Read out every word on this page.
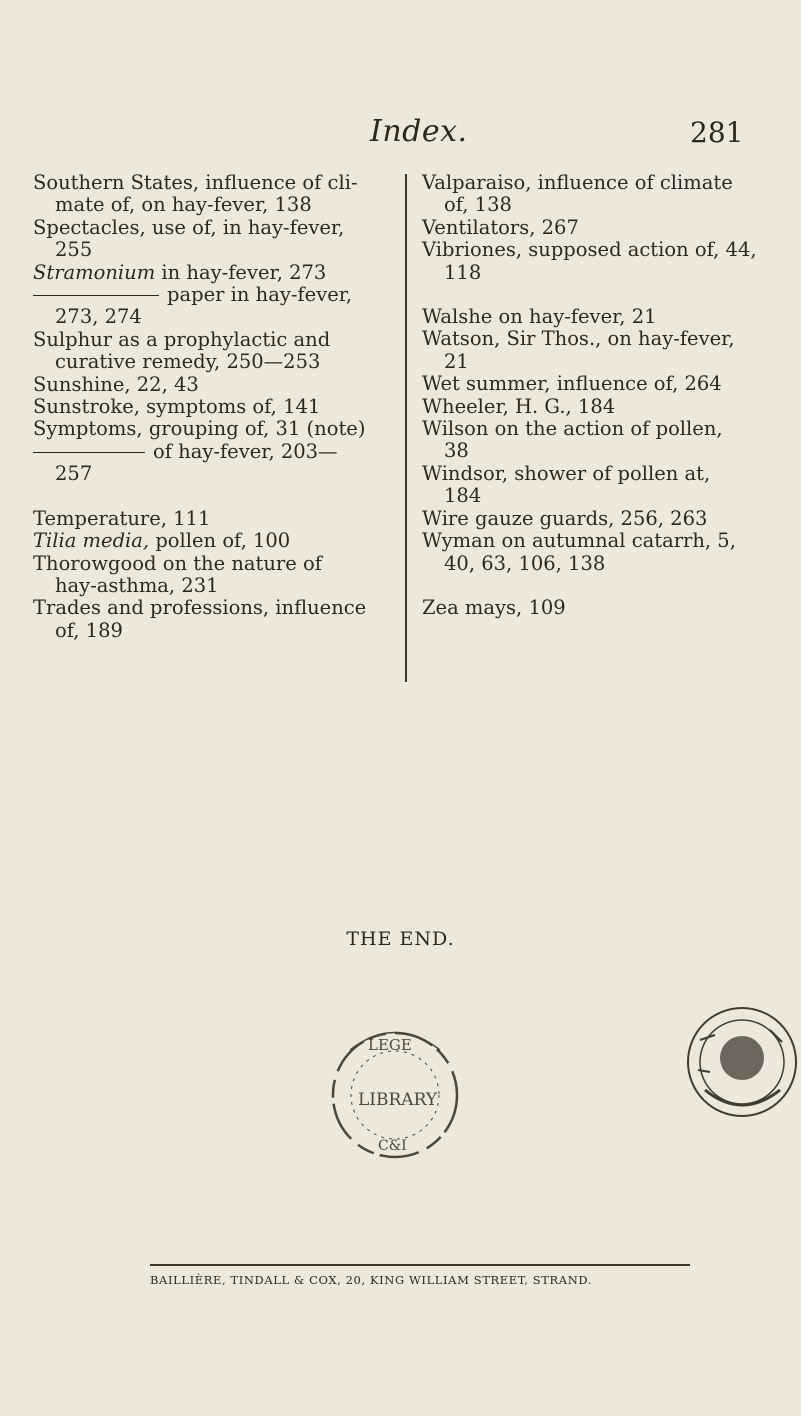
Index.	281

Southern States, influence of cli-
mate of, on hay-fever, 138

Spectacles, use of, in hay-fever,
255

Stramonium in hay-fever, 273

paper in hay-fever,
273, 274

Sulphur as a prophylactic and
curative remedy, 250—253

Sunshine, 22, 43

Sunstroke, symptoms of, 141

Symptoms, grouping of, 31 (note)

of hay-fever, 203—
257

Temperature, 111

Tilia media, pollen of, 100

Thorowgood on the nature of
hay-asthma, 231

Trades and professions, influence
of, 189

Valparaiso, influence of climate
of, 138

Ventilators, 267

Vibriones, supposed action of, 44,
118

Walshe on hay-fever, 21

Watson, Sir Thos., on hay-fever,
21

Wet summer, influence of, 264

Wheeler, H. G., 184

Wilson on the action of pollen,
38

Windsor, shower of pollen at,
184

Wire gauze guards, 256, 263

Wyman on autumnal catarrh, 5,
40, 63, 106, 138

Zea mays, 109

THE END.
LEGE
LIBRARY
C&I
BAILLIÈRE, TINDALL & COX, 20, KING WILLIAM STREET, STRAND.
